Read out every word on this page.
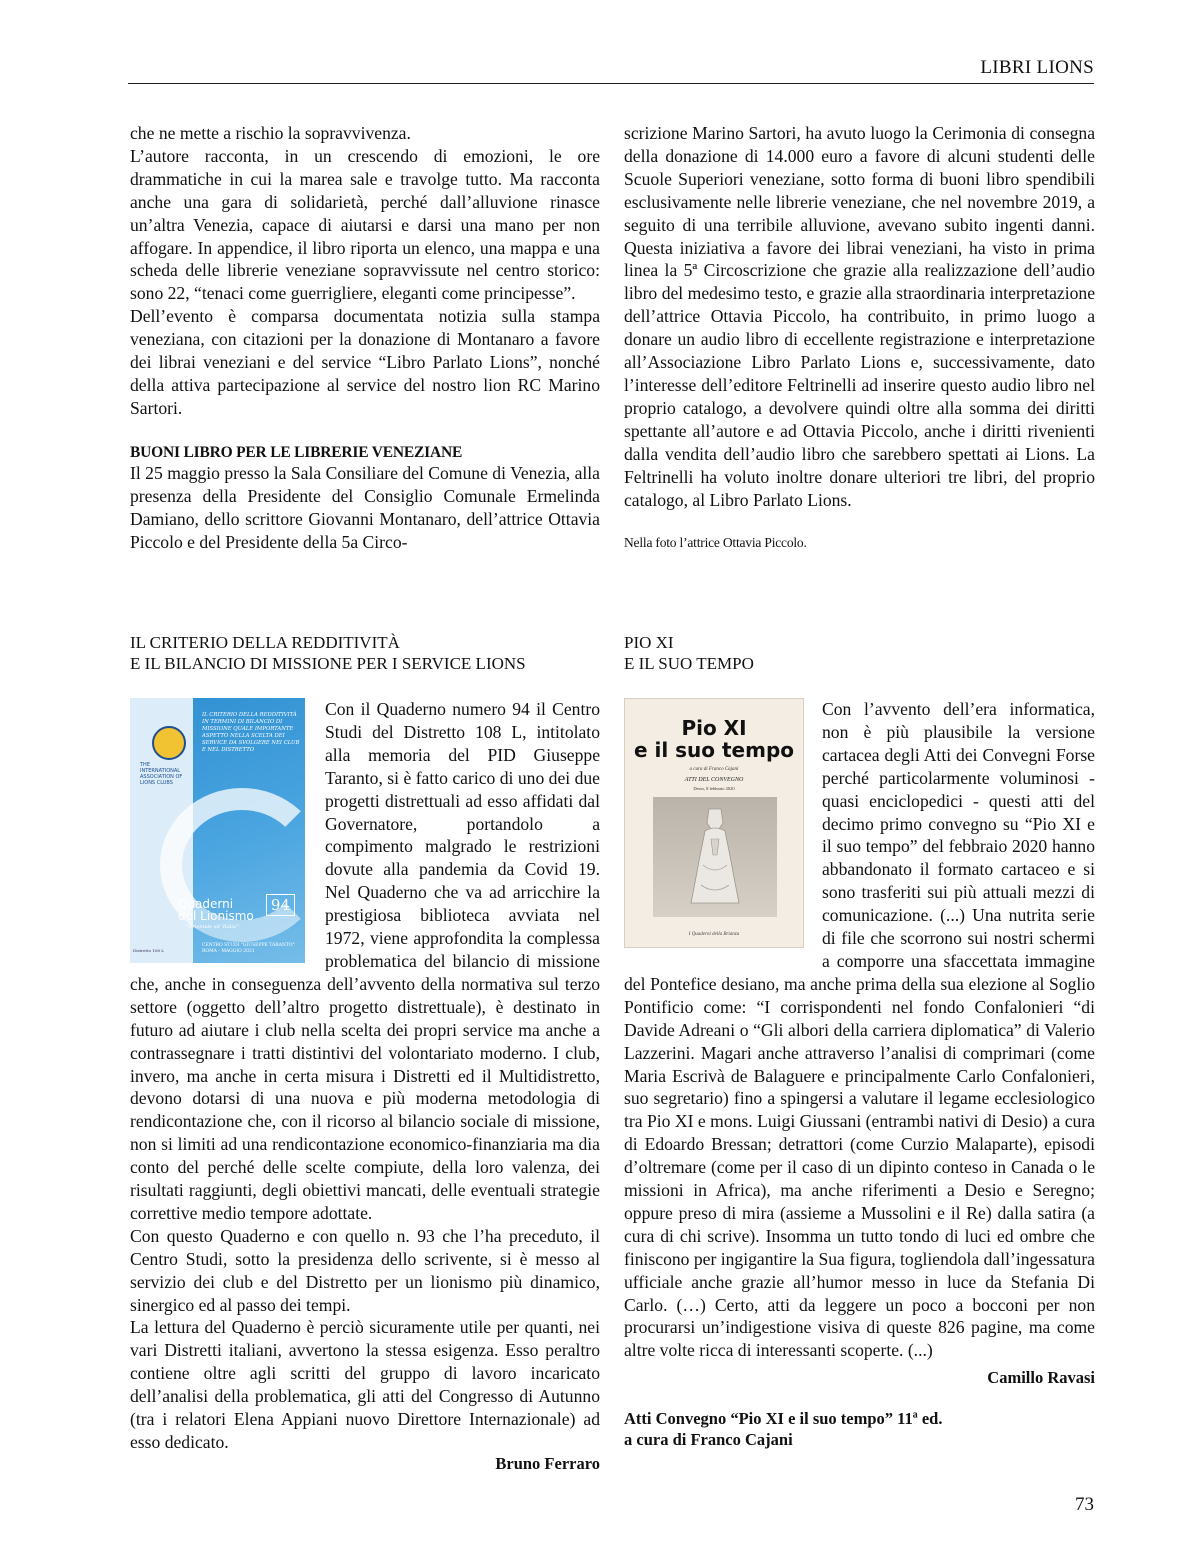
LIBRI LIONS

che ne mette a rischio la sopravvivenza.

L’autore racconta, in un crescendo di emozioni, le ore drammatiche in cui la marea sale e travolge tutto. Ma racconta anche una gara di solidarietà, perché dall’alluvione rinasce un’altra Venezia, capace di aiutarsi e darsi una mano per non affogare. In appendice, il libro riporta un elenco, una mappa e una scheda delle librerie veneziane sopravvissute nel centro storico: sono 22, “tenaci come guerrigliere, eleganti come principesse”.

Dell’evento è comparsa documentata notizia sulla stampa veneziana, con citazioni per la donazione di Montanaro a favore dei librai veneziani e del service “Libro Parlato Lions”, nonché della attiva partecipazione al service del nostro lion RC Marino Sartori.

BUONI LIBRO PER LE LIBRERIE VENEZIANE

Il 25 maggio presso la Sala Consiliare del Comune di Venezia, alla presenza della Presidente del Consiglio Comunale Ermelinda Damiano, dello scrittore Giovanni Montanaro, dell’attrice Ottavia Piccolo e del Presidente della 5a Circo-

scrizione Marino Sartori, ha avuto luogo la Cerimonia di consegna della donazione di 14.000 euro a favore di alcuni studenti delle Scuole Superiori veneziane, sotto forma di buoni libro spendibili esclusivamente nelle librerie veneziane, che nel novembre 2019, a seguito di una terribile alluvione, avevano subito ingenti danni. Questa iniziativa a favore dei librai veneziani, ha visto in prima linea la 5ª Circoscrizione che grazie alla realizzazione dell’audio libro del medesimo testo, e grazie alla straordinaria interpretazione dell’attrice Ottavia Piccolo, ha contribuito, in primo luogo a donare un audio libro di eccellente registrazione e interpretazione all’Associazione Libro Parlato Lions e, successivamente, dato l’interesse dell’editore Feltrinelli ad inserire questo audio libro nel proprio catalogo, a devolvere quindi oltre alla somma dei diritti spettante all’autore e ad Ottavia Piccolo, anche i diritti rivenienti dalla vendita dell’audio libro che sarebbero spettati ai Lions. La Feltrinelli ha voluto inoltre donare ulteriori tre libri, del proprio catalogo, al Libro Parlato Lions.

Nella foto l’attrice Ottavia Piccolo.
IL CRITERIO DELLA REDDITIVITÀ
E IL BILANCIO DI MISSIONE PER I SERVICE LIONS
THE INTERNATIONAL ASSOCIATION OF LIONS CLUBS
IL CRITERIO DELLA REDDITIVITÀ IN TERMINI DI BILANCIO DI MISSIONE QUALE IMPORTANTE ASPETTO NELLA SCELTA DEI SERVICE DA SVOLGERE NEI CLUB E NEL DISTRETTO
Quaderni
del Lionismo
"Orientale ed 'Italia'"
94
Distretto 108 L
CENTRO STUDI "GIUSEPPE TARANTO"
ROMA - MAGGIO 2021

Con il Quaderno numero 94 il Centro Studi del Distretto 108 L, intitolato alla memoria del PID Giuseppe Taranto, si è fatto carico di uno dei due progetti distrettuali ad esso affidati dal Governatore, portandolo a compimento malgrado le restrizioni dovute alla pandemia da Covid 19. Nel Quaderno che va ad arricchire la prestigiosa biblioteca avviata nel 1972, viene approfondita la complessa problematica del bilancio di missione che, anche in conseguenza dell’avvento della normativa sul terzo settore (oggetto dell’altro progetto distrettuale), è destinato in futuro ad aiutare i club nella scelta dei propri service ma anche a contrassegnare i tratti distintivi del volontariato moderno. I club, invero, ma anche in certa misura i Distretti ed il Multidistretto, devono dotarsi di una nuova e più moderna metodologia di rendicontazione che, con il ricorso al bilancio sociale di missione, non si limiti ad una rendicontazione economico-finanziaria ma dia conto del perché delle scelte compiute, della loro valenza, dei risultati raggiunti, degli obiettivi mancati, delle eventuali strategie correttive medio tempore adottate.

Con questo Quaderno e con quello n. 93 che l’ha preceduto, il Centro Studi, sotto la presidenza dello scrivente, si è messo al servizio dei club e del Distretto per un lionismo più dinamico, sinergico ed al passo dei tempi.

La lettura del Quaderno è perciò sicuramente utile per quanti, nei vari Distretti italiani, avvertono la stessa esigenza. Esso peraltro contiene oltre agli scritti del gruppo di lavoro incaricato dell’analisi della problematica, gli atti del Congresso di Autunno (tra i relatori Elena Appiani nuovo Direttore Internazionale) ad esso dedicato.

Bruno Ferraro
PIO XI
E IL SUO TEMPO
Pio XI
e il suo tempo
a cura di Franco Cajani
ATTI DEL CONVEGNO
Desio, 8 febbraio 2020
I Quaderni della Brianza

Con l’avvento dell’era informatica, non è più plausibile la versione cartacea degli Atti dei Convegni Forse perché particolarmente voluminosi - quasi enciclopedici - questi atti del decimo primo convegno su “Pio XI e il suo tempo” del febbraio 2020 hanno abbandonato il formato cartaceo e si sono trasferiti sui più attuali mezzi di comunicazione. (...) Una nutrita serie di file che scorrono sui nostri schermi a comporre una sfaccettata immagine del Pontefice desiano, ma anche prima della sua elezione al Soglio Pontificio come: “I corrispondenti nel fondo Confalonieri “di Davide Adreani o “Gli albori della carriera diplomatica” di Valerio Lazzerini. Magari anche attraverso l’analisi di comprimari (come Maria Escrivà de Balaguere e principalmente Carlo Confalonieri, suo segretario) fino a spingersi a valutare il legame ecclesiologico tra Pio XI e mons. Luigi Giussani (entrambi nativi di Desio) a cura di Edoardo Bressan; detrattori (come Curzio Malaparte), episodi d’oltremare (come per il caso di un dipinto conteso in Canada o le missioni in Africa), ma anche riferimenti a Desio e Seregno; oppure preso di mira (assieme a Mussolini e il Re) dalla satira (a cura di chi scrive). Insomma un tutto tondo di luci ed ombre che finiscono per ingigantire la Sua figura, togliendola dall’ingessatura ufficiale anche grazie all’humor messo in luce da Stefania Di Carlo. (…) Certo, atti da leggere un poco a bocconi per non procurarsi un’indigestione visiva di queste 826 pagine, ma come altre volte ricca di interessanti scoperte. (...)

Camillo Ravasi
Atti Convegno “Pio XI e il suo tempo” 11ª ed.
a cura di Franco Cajani
73
